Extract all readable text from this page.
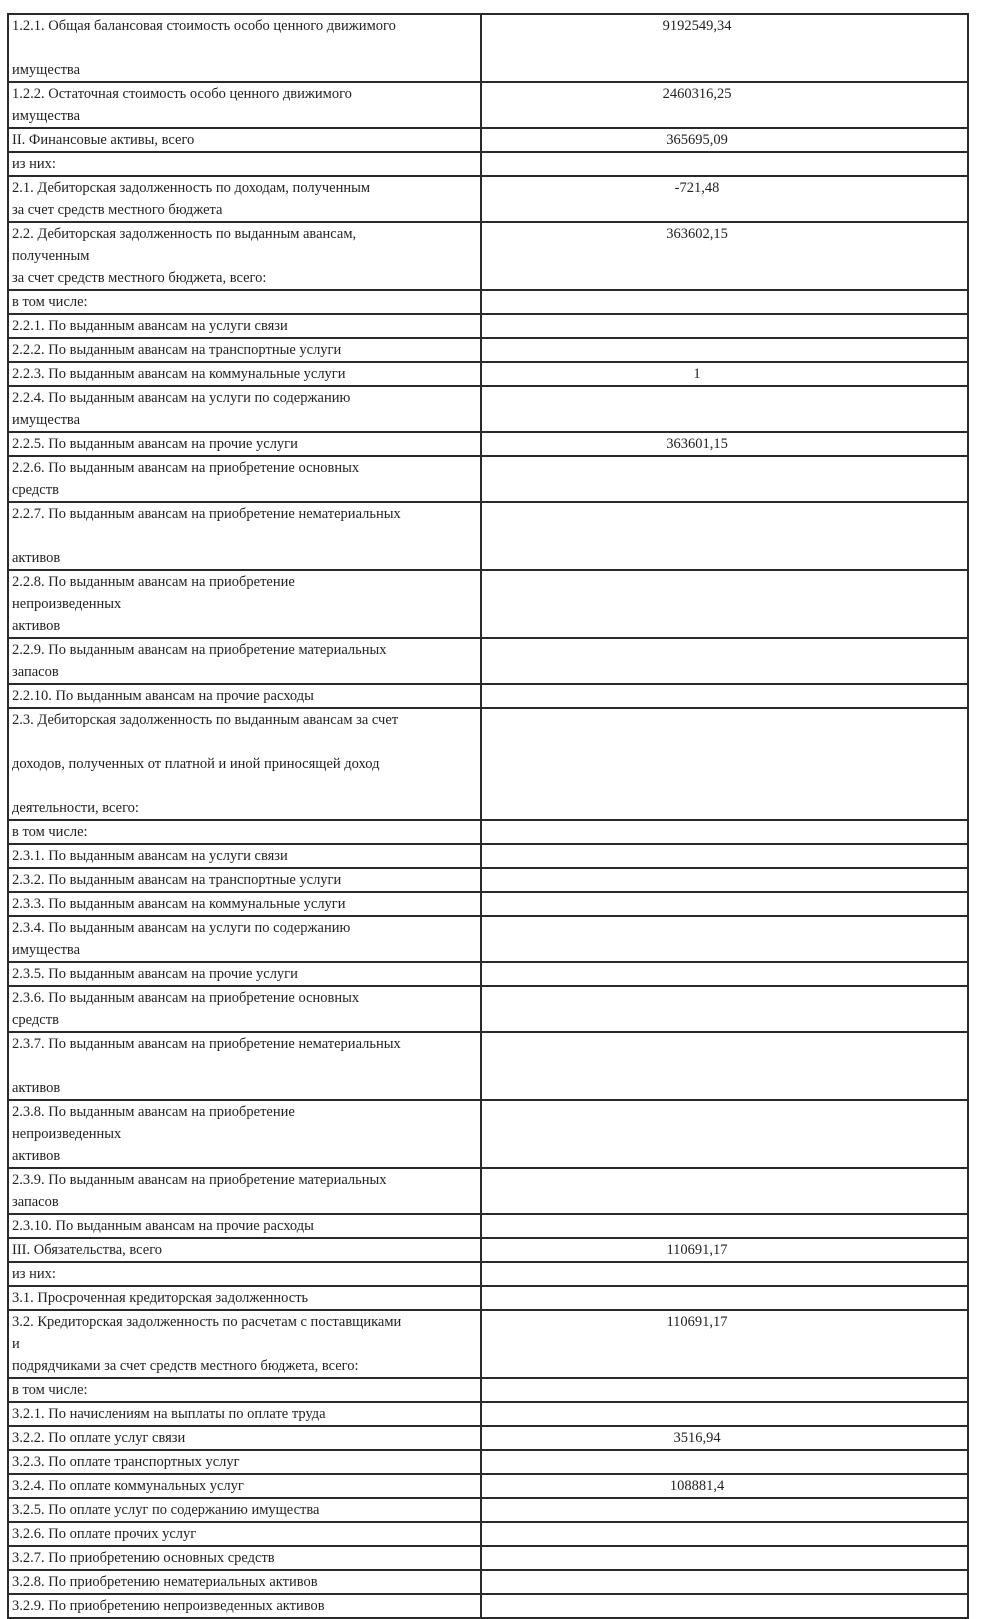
1.2.1. Общая балансовая стоимость особо ценного движимого

имущества	9192549,34

1.2.2. Остаточная стоимость особо ценного движимого
имущества	2460316,25

II. Финансовые активы, всего	365695,09

из них:	

2.1. Дебиторская задолженность по доходам, полученным
за счет средств местного бюджета	-721,48

2.2. Дебиторская задолженность по выданным авансам,
полученным
за счет средств местного бюджета, всего:	363602,15

в том числе:	

2.2.1. По выданным авансам на услуги связи	

2.2.2. По выданным авансам на транспортные услуги	

2.2.3. По выданным авансам на коммунальные услуги	1

2.2.4. По выданным авансам на услуги по содержанию
имущества	

2.2.5. По выданным авансам на прочие услуги	363601,15

2.2.6. По выданным авансам на приобретение основных
средств	

2.2.7. По выданным авансам на приобретение нематериальных

активов	

2.2.8. По выданным авансам на приобретение
непроизведенных
активов	

2.2.9. По выданным авансам на приобретение материальных
запасов	

2.2.10. По выданным авансам на прочие расходы	

2.3. Дебиторская задолженность по выданным авансам за счет

доходов, полученных от платной и иной приносящей доход

деятельности, всего:	

в том числе:	

2.3.1. По выданным авансам на услуги связи	

2.3.2. По выданным авансам на транспортные услуги	

2.3.3. По выданным авансам на коммунальные услуги	

2.3.4. По выданным авансам на услуги по содержанию
имущества	

2.3.5. По выданным авансам на прочие услуги	

2.3.6. По выданным авансам на приобретение основных
средств	

2.3.7. По выданным авансам на приобретение нематериальных

активов	

2.3.8. По выданным авансам на приобретение
непроизведенных
активов	

2.3.9. По выданным авансам на приобретение материальных
запасов	

2.3.10. По выданным авансам на прочие расходы	

III. Обязательства, всего	110691,17

из них:	

3.1. Просроченная кредиторская задолженность	

3.2. Кредиторская задолженность по расчетам с поставщиками
и
подрядчиками за счет средств местного бюджета, всего:	110691,17

в том числе:	

3.2.1. По начислениям на выплаты по оплате труда	

3.2.2. По оплате услуг связи	3516,94

3.2.3. По оплате транспортных услуг	

3.2.4. По оплате коммунальных услуг	108881,4

3.2.5. По оплате услуг по содержанию имущества	

3.2.6. По оплате прочих услуг	

3.2.7. По приобретению основных средств	

3.2.8. По приобретению нематериальных активов	

3.2.9. По приобретению непроизведенных активов	
